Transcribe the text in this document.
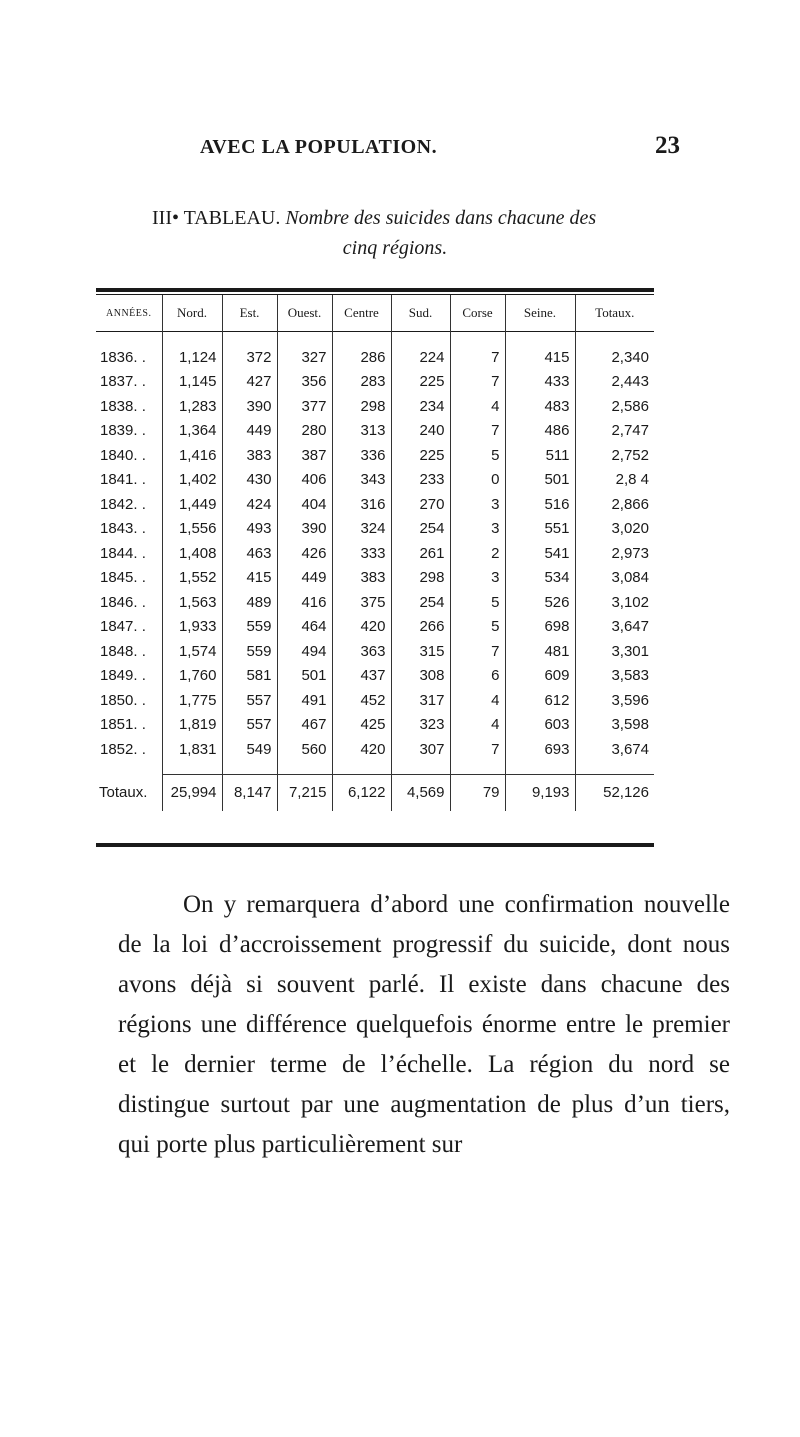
AVEC LA POPULATION.	23
III• TABLEAU. Nombre des suicides dans chacune des
cinq régions.
ANNÉES.	Nord.	Est.	Ouest.	Centre	Sud.	Corse	Seine.	Totaux.

1836. .	1,124	372	327	286	224	7	415	2,340
1837. .	1,145	427	356	283	225	7	433	2,443
1838. .	1,283	390	377	298	234	4	483	2,586
1839. .	1,364	449	280	313	240	7	486	2,747
1840. .	1,416	383	387	336	225	5	511	2,752
1841. .	1,402	430	406	343	233	0	501	2,8 4
1842. .	1,449	424	404	316	270	3	516	2,866
1843. .	1,556	493	390	324	254	3	551	3,020
1844. .	1,408	463	426	333	261	2	541	2,973
1845. .	1,552	415	449	383	298	3	534	3,084
1846. .	1,563	489	416	375	254	5	526	3,102
1847. .	1,933	559	464	420	266	5	698	3,647
1848. .	1,574	559	494	363	315	7	481	3,301
1849. .	1,760	581	501	437	308	6	609	3,583
1850. .	1,775	557	491	452	317	4	612	3,596
1851. .	1,819	557	467	425	323	4	603	3,598
1852. .	1,831	549	560	420	307	7	693	3,674

Totaux.	25,994	8,147	7,215	6,122	4,569	79	9,193	52,126

On y remarquera d’abord une confirmation nouvelle de la loi d’accroissement progressif du suicide, dont nous avons déjà si souvent parlé. Il existe dans chacune des régions une différence quelquefois énorme entre le premier et le dernier terme de l’échelle. La région du nord se distingue surtout par une augmentation de plus d’un tiers, qui porte plus particulièrement sur
